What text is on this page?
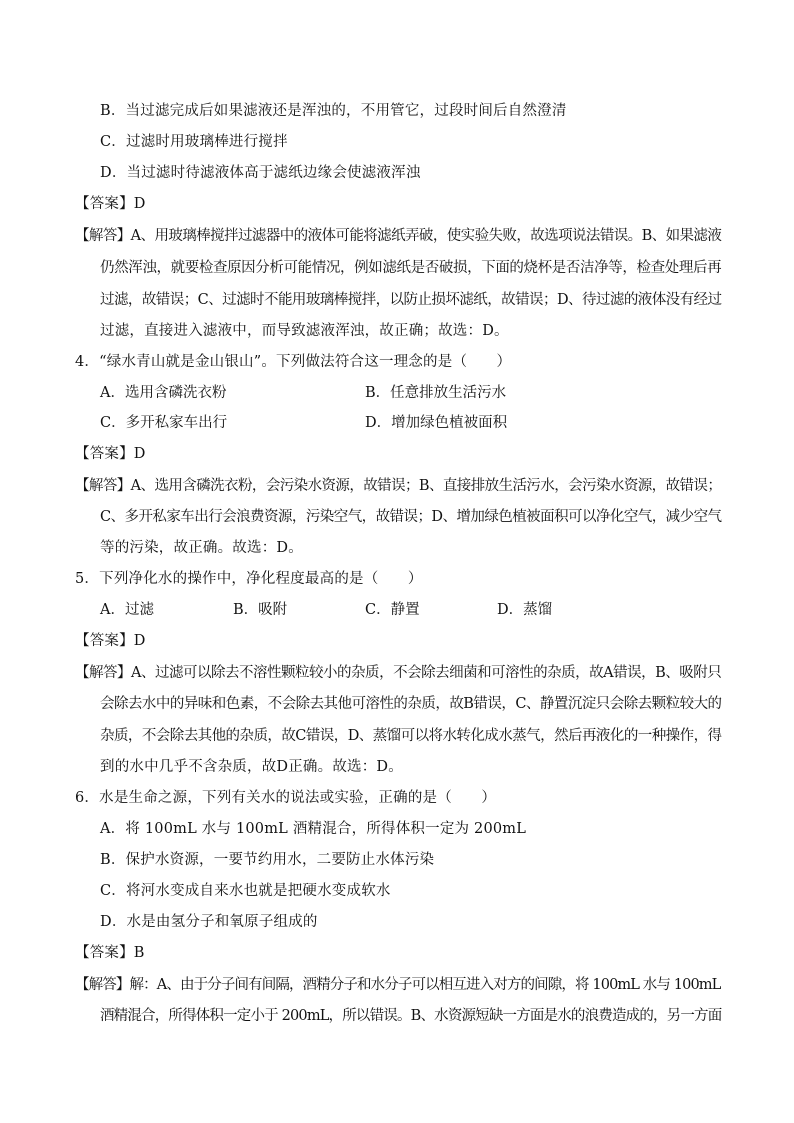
B．当过滤完成后如果滤液还是浑浊的，不用管它，过段时间后自然澄清
C．过滤时用玻璃棒进行搅拌
D．当过滤时待滤液体高于滤纸边缘会使滤液浑浊
【答案】D
【解答】A、用玻璃棒搅拌过滤器中的液体可能将滤纸弄破，使实验失败，故选项说法错误。B、如果滤液
仍然浑浊，就要检查原因分析可能情况，例如滤纸是否破损，下面的烧杯是否洁净等，检查处理后再
过滤，故错误；C、过滤时不能用玻璃棒搅拌，以防止损坏滤纸，故错误；D、待过滤的液体没有经过
过滤，直接进入滤液中，而导致滤液浑浊，故正确；故选：D。
4．“绿水青山就是金山银山”。下列做法符合这一理念的是（　　）
A．选用含磷洗衣粉	B．任意排放生活污水
C．多开私家车出行	D．增加绿色植被面积
【答案】D
【解答】A、选用含磷洗衣粉，会污染水资源，故错误；B、直接排放生活污水，会污染水资源，故错误；
C、多开私家车出行会浪费资源，污染空气，故错误；D、增加绿色植被面积可以净化空气，减少空气
等的污染，故正确。故选：D。
5．下列净化水的操作中，净化程度最高的是（　　）
A．过滤	B．吸附	C．静置	D．蒸馏
【答案】D
【解答】A、过滤可以除去不溶性颗粒较小的杂质，不会除去细菌和可溶性的杂质，故A错误，B、吸附只
会除去水中的异味和色素，不会除去其他可溶性的杂质，故B错误，C、静置沉淀只会除去颗粒较大的
杂质，不会除去其他的杂质，故C错误，D、蒸馏可以将水转化成水蒸气，然后再液化的一种操作，得
到的水中几乎不含杂质，故D正确。故选：D。
6．水是生命之源，下列有关水的说法或实验，正确的是（　　）
A．将 100mL 水与 100mL 酒精混合，所得体积一定为 200mL
B．保护水资源，一要节约用水，二要防止水体污染
C．将河水变成自来水也就是把硬水变成软水
D．水是由氢分子和氧原子组成的
【答案】B
【解答】解：A、由于分子间有间隔，酒精分子和水分子可以相互进入对方的间隙，将 100mL 水与 100mL
酒精混合，所得体积一定小于 200mL，所以错误。B、水资源短缺一方面是水的浪费造成的，另一方面
